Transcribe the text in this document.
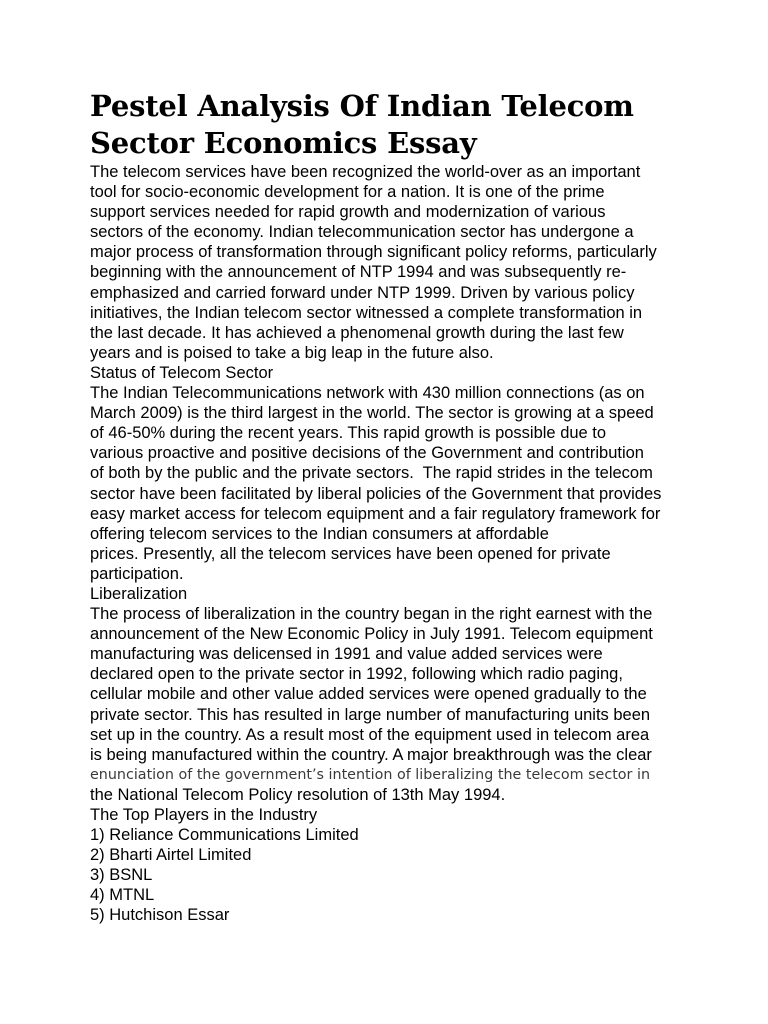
Pestel Analysis Of Indian Telecom
Sector Economics Essay
The telecom services have been recognized the world-over as an important
tool for socio-economic development for a nation. It is one of the prime
support services needed for rapid growth and modernization of various
sectors of the economy. Indian telecommunication sector has undergone a
major process of transformation through significant policy reforms, particularly
beginning with the announcement of NTP 1994 and was subsequently re-
emphasized and carried forward under NTP 1999. Driven by various policy
initiatives, the Indian telecom sector witnessed a complete transformation in
the last decade. It has achieved a phenomenal growth during the last few
years and is poised to take a big leap in the future also.
Status of Telecom Sector
The Indian Telecommunications network with 430 million connections (as on
March 2009) is the third largest in the world. The sector is growing at a speed
of 46-50% during the recent years. This rapid growth is possible due to
various proactive and positive decisions of the Government and contribution
of both by the public and the private sectors.  The rapid strides in the telecom
sector have been facilitated by liberal policies of the Government that provides
easy market access for telecom equipment and a fair regulatory framework for
offering telecom services to the Indian consumers at affordable
prices. Presently, all the telecom services have been opened for private
participation.
Liberalization
The process of liberalization in the country began in the right earnest with the
announcement of the New Economic Policy in July 1991. Telecom equipment
manufacturing was delicensed in 1991 and value added services were
declared open to the private sector in 1992, following which radio paging,
cellular mobile and other value added services were opened gradually to the
private sector. This has resulted in large number of manufacturing units been
set up in the country. As a result most of the equipment used in telecom area
is being manufactured within the country. A major breakthrough was the clear
enunciation of the government’s intention of liberalizing the telecom sector in
the National Telecom Policy resolution of 13th May 1994.
The Top Players in the Industry
1) Reliance Communications Limited
2) Bharti Airtel Limited
3) BSNL
4) MTNL
5) Hutchison Essar
